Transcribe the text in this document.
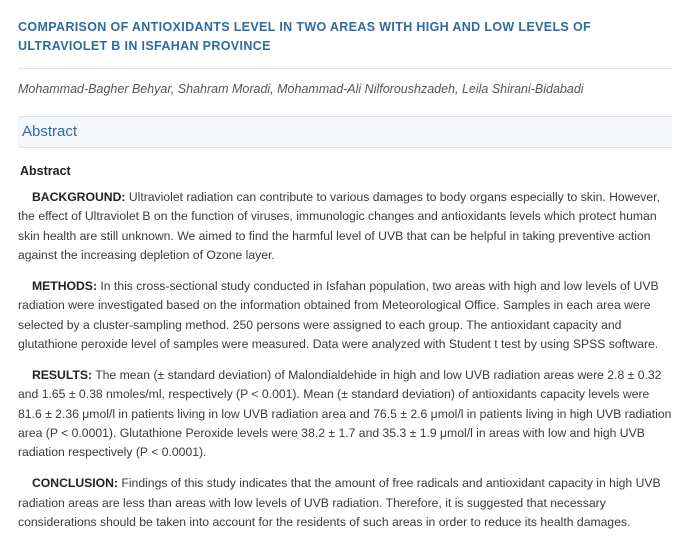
COMPARISON OF ANTIOXIDANTS LEVEL IN TWO AREAS WITH HIGH AND LOW LEVELS OF ULTRAVIOLET B IN ISFAHAN PROVINCE
Mohammad-Bagher Behyar, Shahram Moradi, Mohammad-Ali Nilforoushzadeh, Leila Shirani-Bidabadi
Abstract
Abstract

BACKGROUND: Ultraviolet radiation can contribute to various damages to body organs especially to skin. However, the effect of Ultraviolet B on the function of viruses, immunologic changes and antioxidants levels which protect human skin health are still unknown. We aimed to find the harmful level of UVB that can be helpful in taking preventive action against the increasing depletion of Ozone layer.

METHODS: In this cross-sectional study conducted in Isfahan population, two areas with high and low levels of UVB radiation were investigated based on the information obtained from Meteorological Office. Samples in each area were selected by a cluster-sampling method. 250 persons were assigned to each group. The antioxidant capacity and glutathione peroxide level of samples were measured. Data were analyzed with Student t test by using SPSS software.

RESULTS: The mean (± standard deviation) of Malondialdehide in high and low UVB radiation areas were 2.8 ± 0.32 and 1.65 ± 0.38 nmoles/ml, respectively (P < 0.001). Mean (± standard deviation) of antioxidants capacity levels were 81.6 ± 2.36 μmol/l in patients living in low UVB radiation area and 76.5 ± 2.6 μmol/l in patients living in high UVB radiation area (P < 0.0001). Glutathione Peroxide levels were 38.2 ± 1.7 and 35.3 ± 1.9 μmol/l in areas with low and high UVB radiation respectively (P < 0.0001).

CONCLUSION: Findings of this study indicates that the amount of free radicals and antioxidant capacity in high UVB radiation areas are less than areas with low levels of UVB radiation. Therefore, it is suggested that necessary considerations should be taken into account for the residents of such areas in order to reduce its health damages.
